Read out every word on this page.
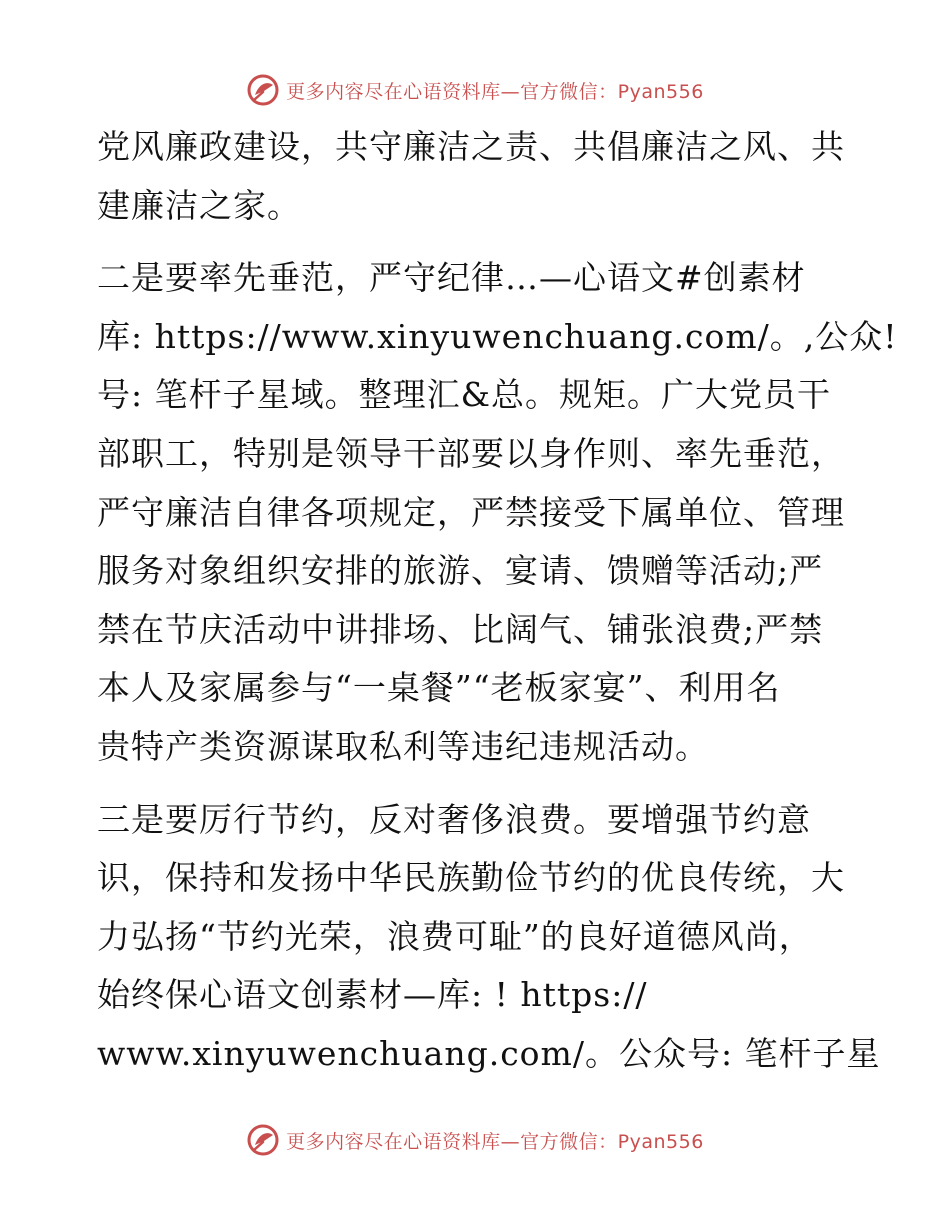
更多内容尽在心语资料库—官方微信：Pyan556
党风廉政建设，共守廉洁之责、共倡廉洁之风、共
建廉洁之家。
二是要率先垂范，严守纪律…—心语文#创素材
库: https://www.xinyuwenchuang.com/。,公众!
号: 笔杆子星域。整理汇&总。规矩。广大党员干
部职工，特别是领导干部要以身作则、率先垂范，
严守廉洁自律各项规定，严禁接受下属单位、管理
服务对象组织安排的旅游、宴请、馈赠等活动;严
禁在节庆活动中讲排场、比阔气、铺张浪费;严禁
本人及家属参与“一桌餐”“老板家宴”、利用名
贵特产类资源谋取私利等违纪违规活动。
三是要厉行节约，反对奢侈浪费。要增强节约意
识，保持和发扬中华民族勤俭节约的优良传统，大
力弘扬“节约光荣，浪费可耻”的良好道德风尚，
始终保心语文创素材—库: ! https://
www.xinyuwenchuang.com/。公众号: 笔杆子星
更多内容尽在心语资料库—官方微信：Pyan556
